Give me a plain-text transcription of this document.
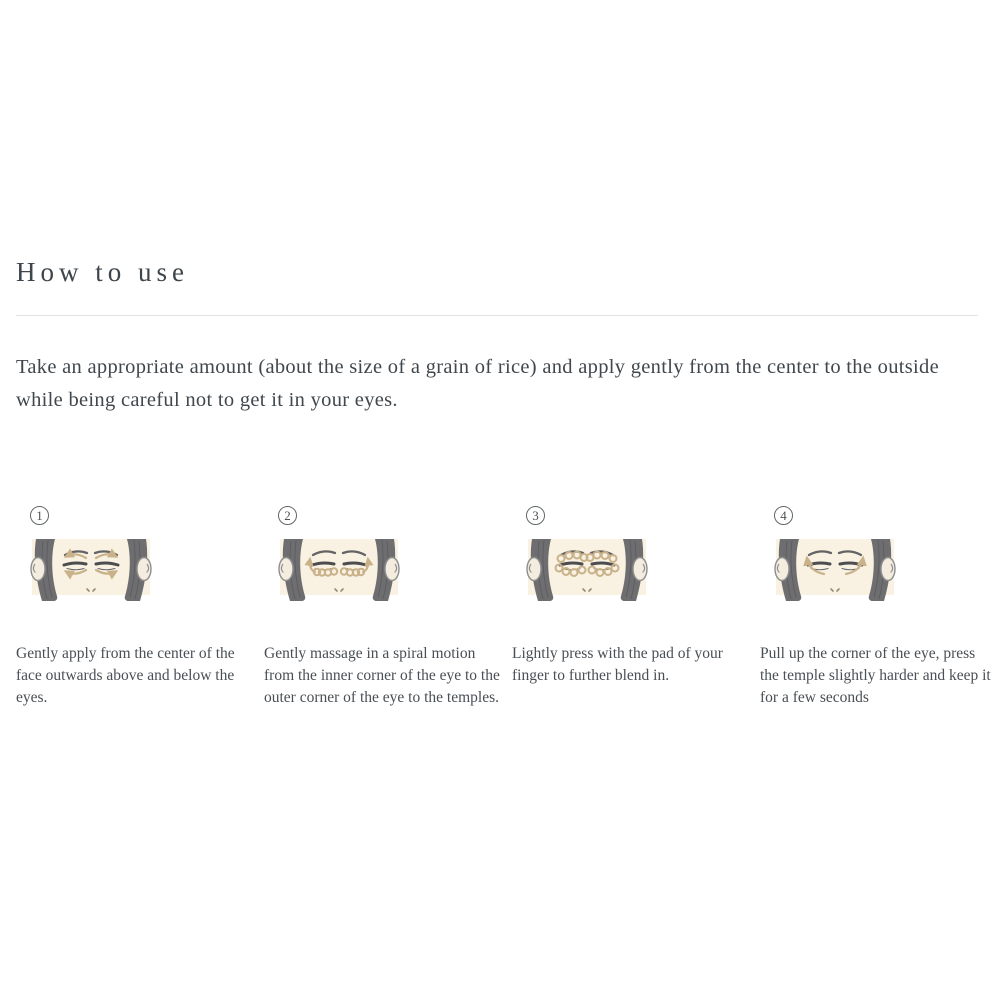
How to use

Take an appropriate amount (about the size of a grain of rice) and apply gently from the center to the outside while being careful not to get it in your eyes.

1

Gently apply from the center of the face outwards above and below the eyes.

2

Gently massage in a spiral motion from the inner corner of the eye to the outer corner of the eye to the temples.

3

Lightly press with the pad of your finger to further blend in.

4

Pull up the corner of the eye, press the temple slightly harder and keep it for a few seconds
